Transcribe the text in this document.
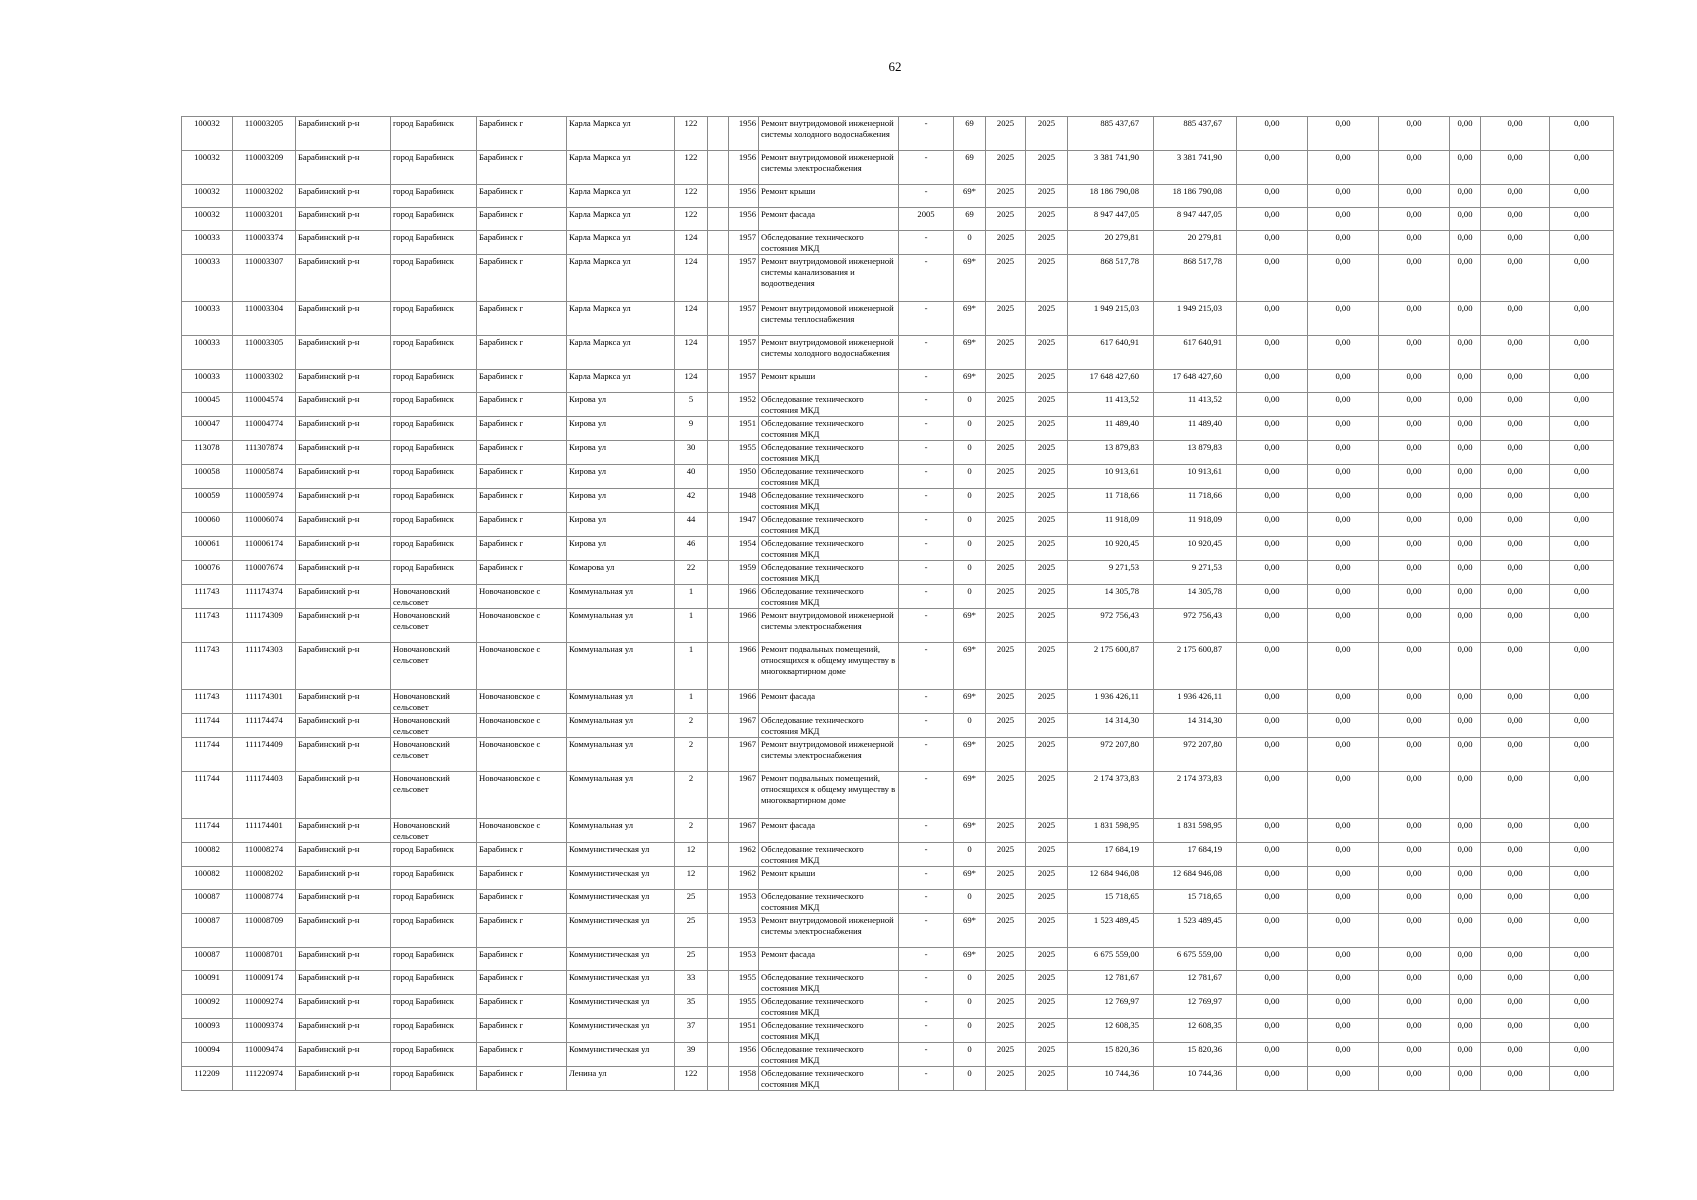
62
100032	110003205	Барабинский р-н	город Барабинск	Барабинск г	Карла Маркса ул	122		1956	Ремонт внутридомовой инженерной системы холодного водоснабжения	-	69	2025	2025	885 437,67	885 437,67	0,00	0,00	0,00	0,00	0,00	0,00
100032	110003209	Барабинский р-н	город Барабинск	Барабинск г	Карла Маркса ул	122		1956	Ремонт внутридомовой инженерной системы электроснабжения	-	69	2025	2025	3 381 741,90	3 381 741,90	0,00	0,00	0,00	0,00	0,00	0,00
100032	110003202	Барабинский р-н	город Барабинск	Барабинск г	Карла Маркса ул	122		1956	Ремонт крыши	-	69*	2025	2025	18 186 790,08	18 186 790,08	0,00	0,00	0,00	0,00	0,00	0,00
100032	110003201	Барабинский р-н	город Барабинск	Барабинск г	Карла Маркса ул	122		1956	Ремонт фасада	2005	69	2025	2025	8 947 447,05	8 947 447,05	0,00	0,00	0,00	0,00	0,00	0,00
100033	110003374	Барабинский р-н	город Барабинск	Барабинск г	Карла Маркса ул	124		1957	Обследование технического состояния МКД	-	0	2025	2025	20 279,81	20 279,81	0,00	0,00	0,00	0,00	0,00	0,00
100033	110003307	Барабинский р-н	город Барабинск	Барабинск г	Карла Маркса ул	124		1957	Ремонт внутридомовой инженерной системы канализования и водоотведения	-	69*	2025	2025	868 517,78	868 517,78	0,00	0,00	0,00	0,00	0,00	0,00
100033	110003304	Барабинский р-н	город Барабинск	Барабинск г	Карла Маркса ул	124		1957	Ремонт внутридомовой инженерной системы теплоснабжения	-	69*	2025	2025	1 949 215,03	1 949 215,03	0,00	0,00	0,00	0,00	0,00	0,00
100033	110003305	Барабинский р-н	город Барабинск	Барабинск г	Карла Маркса ул	124		1957	Ремонт внутридомовой инженерной системы холодного водоснабжения	-	69*	2025	2025	617 640,91	617 640,91	0,00	0,00	0,00	0,00	0,00	0,00
100033	110003302	Барабинский р-н	город Барабинск	Барабинск г	Карла Маркса ул	124		1957	Ремонт крыши	-	69*	2025	2025	17 648 427,60	17 648 427,60	0,00	0,00	0,00	0,00	0,00	0,00
100045	110004574	Барабинский р-н	город Барабинск	Барабинск г	Кирова ул	5		1952	Обследование технического состояния МКД	-	0	2025	2025	11 413,52	11 413,52	0,00	0,00	0,00	0,00	0,00	0,00
100047	110004774	Барабинский р-н	город Барабинск	Барабинск г	Кирова ул	9		1951	Обследование технического состояния МКД	-	0	2025	2025	11 489,40	11 489,40	0,00	0,00	0,00	0,00	0,00	0,00
113078	111307874	Барабинский р-н	город Барабинск	Барабинск г	Кирова ул	30		1955	Обследование технического состояния МКД	-	0	2025	2025	13 879,83	13 879,83	0,00	0,00	0,00	0,00	0,00	0,00
100058	110005874	Барабинский р-н	город Барабинск	Барабинск г	Кирова ул	40		1950	Обследование технического состояния МКД	-	0	2025	2025	10 913,61	10 913,61	0,00	0,00	0,00	0,00	0,00	0,00
100059	110005974	Барабинский р-н	город Барабинск	Барабинск г	Кирова ул	42		1948	Обследование технического состояния МКД	-	0	2025	2025	11 718,66	11 718,66	0,00	0,00	0,00	0,00	0,00	0,00
100060	110006074	Барабинский р-н	город Барабинск	Барабинск г	Кирова ул	44		1947	Обследование технического состояния МКД	-	0	2025	2025	11 918,09	11 918,09	0,00	0,00	0,00	0,00	0,00	0,00
100061	110006174	Барабинский р-н	город Барабинск	Барабинск г	Кирова ул	46		1954	Обследование технического состояния МКД	-	0	2025	2025	10 920,45	10 920,45	0,00	0,00	0,00	0,00	0,00	0,00
100076	110007674	Барабинский р-н	город Барабинск	Барабинск г	Комарова ул	22		1959	Обследование технического состояния МКД	-	0	2025	2025	9 271,53	9 271,53	0,00	0,00	0,00	0,00	0,00	0,00
111743	111174374	Барабинский р-н	Новочановский сельсовет	Новочановское с	Коммунальная ул	1		1966	Обследование технического состояния МКД	-	0	2025	2025	14 305,78	14 305,78	0,00	0,00	0,00	0,00	0,00	0,00
111743	111174309	Барабинский р-н	Новочановский сельсовет	Новочановское с	Коммунальная ул	1		1966	Ремонт внутридомовой инженерной системы электроснабжения	-	69*	2025	2025	972 756,43	972 756,43	0,00	0,00	0,00	0,00	0,00	0,00
111743	111174303	Барабинский р-н	Новочановский сельсовет	Новочановское с	Коммунальная ул	1		1966	Ремонт подвальных помещений, относящихся к общему имуществу в многоквартирном доме	-	69*	2025	2025	2 175 600,87	2 175 600,87	0,00	0,00	0,00	0,00	0,00	0,00
111743	111174301	Барабинский р-н	Новочановский сельсовет	Новочановское с	Коммунальная ул	1		1966	Ремонт фасада	-	69*	2025	2025	1 936 426,11	1 936 426,11	0,00	0,00	0,00	0,00	0,00	0,00
111744	111174474	Барабинский р-н	Новочановский сельсовет	Новочановское с	Коммунальная ул	2		1967	Обследование технического состояния МКД	-	0	2025	2025	14 314,30	14 314,30	0,00	0,00	0,00	0,00	0,00	0,00
111744	111174409	Барабинский р-н	Новочановский сельсовет	Новочановское с	Коммунальная ул	2		1967	Ремонт внутридомовой инженерной системы электроснабжения	-	69*	2025	2025	972 207,80	972 207,80	0,00	0,00	0,00	0,00	0,00	0,00
111744	111174403	Барабинский р-н	Новочановский сельсовет	Новочановское с	Коммунальная ул	2		1967	Ремонт подвальных помещений, относящихся к общему имуществу в многоквартирном доме	-	69*	2025	2025	2 174 373,83	2 174 373,83	0,00	0,00	0,00	0,00	0,00	0,00
111744	111174401	Барабинский р-н	Новочановский сельсовет	Новочановское с	Коммунальная ул	2		1967	Ремонт фасада	-	69*	2025	2025	1 831 598,95	1 831 598,95	0,00	0,00	0,00	0,00	0,00	0,00
100082	110008274	Барабинский р-н	город Барабинск	Барабинск г	Коммунистическая ул	12		1962	Обследование технического состояния МКД	-	0	2025	2025	17 684,19	17 684,19	0,00	0,00	0,00	0,00	0,00	0,00
100082	110008202	Барабинский р-н	город Барабинск	Барабинск г	Коммунистическая ул	12		1962	Ремонт крыши	-	69*	2025	2025	12 684 946,08	12 684 946,08	0,00	0,00	0,00	0,00	0,00	0,00
100087	110008774	Барабинский р-н	город Барабинск	Барабинск г	Коммунистическая ул	25		1953	Обследование технического состояния МКД	-	0	2025	2025	15 718,65	15 718,65	0,00	0,00	0,00	0,00	0,00	0,00
100087	110008709	Барабинский р-н	город Барабинск	Барабинск г	Коммунистическая ул	25		1953	Ремонт внутридомовой инженерной системы электроснабжения	-	69*	2025	2025	1 523 489,45	1 523 489,45	0,00	0,00	0,00	0,00	0,00	0,00
100087	110008701	Барабинский р-н	город Барабинск	Барабинск г	Коммунистическая ул	25		1953	Ремонт фасада	-	69*	2025	2025	6 675 559,00	6 675 559,00	0,00	0,00	0,00	0,00	0,00	0,00
100091	110009174	Барабинский р-н	город Барабинск	Барабинск г	Коммунистическая ул	33		1955	Обследование технического состояния МКД	-	0	2025	2025	12 781,67	12 781,67	0,00	0,00	0,00	0,00	0,00	0,00
100092	110009274	Барабинский р-н	город Барабинск	Барабинск г	Коммунистическая ул	35		1955	Обследование технического состояния МКД	-	0	2025	2025	12 769,97	12 769,97	0,00	0,00	0,00	0,00	0,00	0,00
100093	110009374	Барабинский р-н	город Барабинск	Барабинск г	Коммунистическая ул	37		1951	Обследование технического состояния МКД	-	0	2025	2025	12 608,35	12 608,35	0,00	0,00	0,00	0,00	0,00	0,00
100094	110009474	Барабинский р-н	город Барабинск	Барабинск г	Коммунистическая ул	39		1956	Обследование технического состояния МКД	-	0	2025	2025	15 820,36	15 820,36	0,00	0,00	0,00	0,00	0,00	0,00
112209	111220974	Барабинский р-н	город Барабинск	Барабинск г	Ленина ул	122		1958	Обследование технического состояния МКД	-	0	2025	2025	10 744,36	10 744,36	0,00	0,00	0,00	0,00	0,00	0,00
